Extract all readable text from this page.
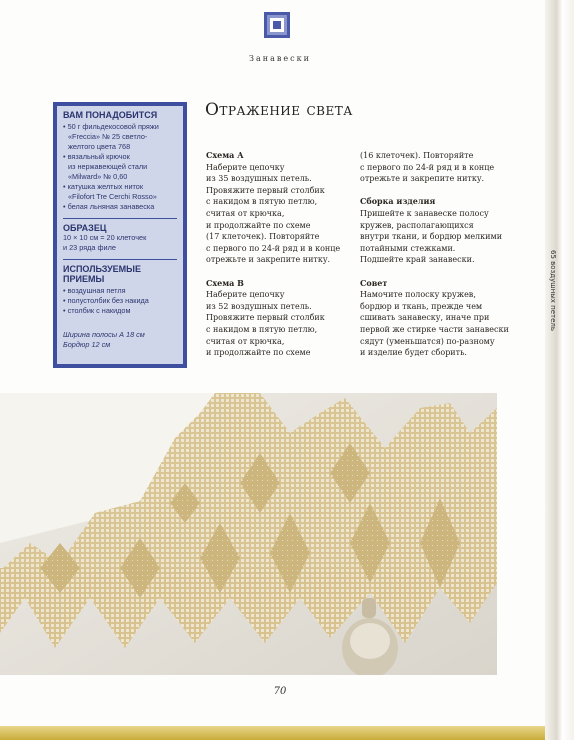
Занавески
ВАМ ПОНАДОБИТСЯ
• 50 г фильдекосовой пряжи
«Freccia» № 25 светло-
желтого цвета 768
• вязальный крючок
из нержавеющей стали
«Milward» № 0,60
• катушка желтых ниток
«Filofort Tre Cerchi Rosso»
• белая льняная занавеска
ОБРАЗЕЦ
10 × 10 см = 20 клеточек
и 23 ряда филе
ИСПОЛЬЗУЕМЫЕ ПРИЕМЫ
• воздушная петля
• полустолбик без накида
• столбик с накидом
Ширина полосы А 18 см
Бордюр 12 см
Отражение света

Схема А

Наберите цепочку

из 35 воздушных петель.

Провяжите первый столбик

с накидом в пятую петлю,

считая от крючка,

и продолжайте по схеме

(17 клеточек). Повторяйте

с первого по 24-й ряд и в конце

отрежьте и закрепите нитку.

Схема В

Наберите цепочку

из 52 воздушных петель.

Провяжите первый столбик

с накидом в пятую петлю,

считая от крючка,

и продолжайте по схеме

(16 клеточек). Повторяйте

с первого по 24-й ряд и в конце

отрежьте и закрепите нитку.

Сборка изделия

Пришейте к занавеске полосу

кружев, располагающихся

внутри ткани, и бордюр мелкими

потайными стежками.

Подшейте край занавески.

Совет

Намочите полоску кружев,

бордюр и ткань, прежде чем

сшивать занавеску, иначе при

первой же стирке части занавески

сядут (уменьшатся) по-разному

и изделие будет сборить.

70
65 воздушных петель
